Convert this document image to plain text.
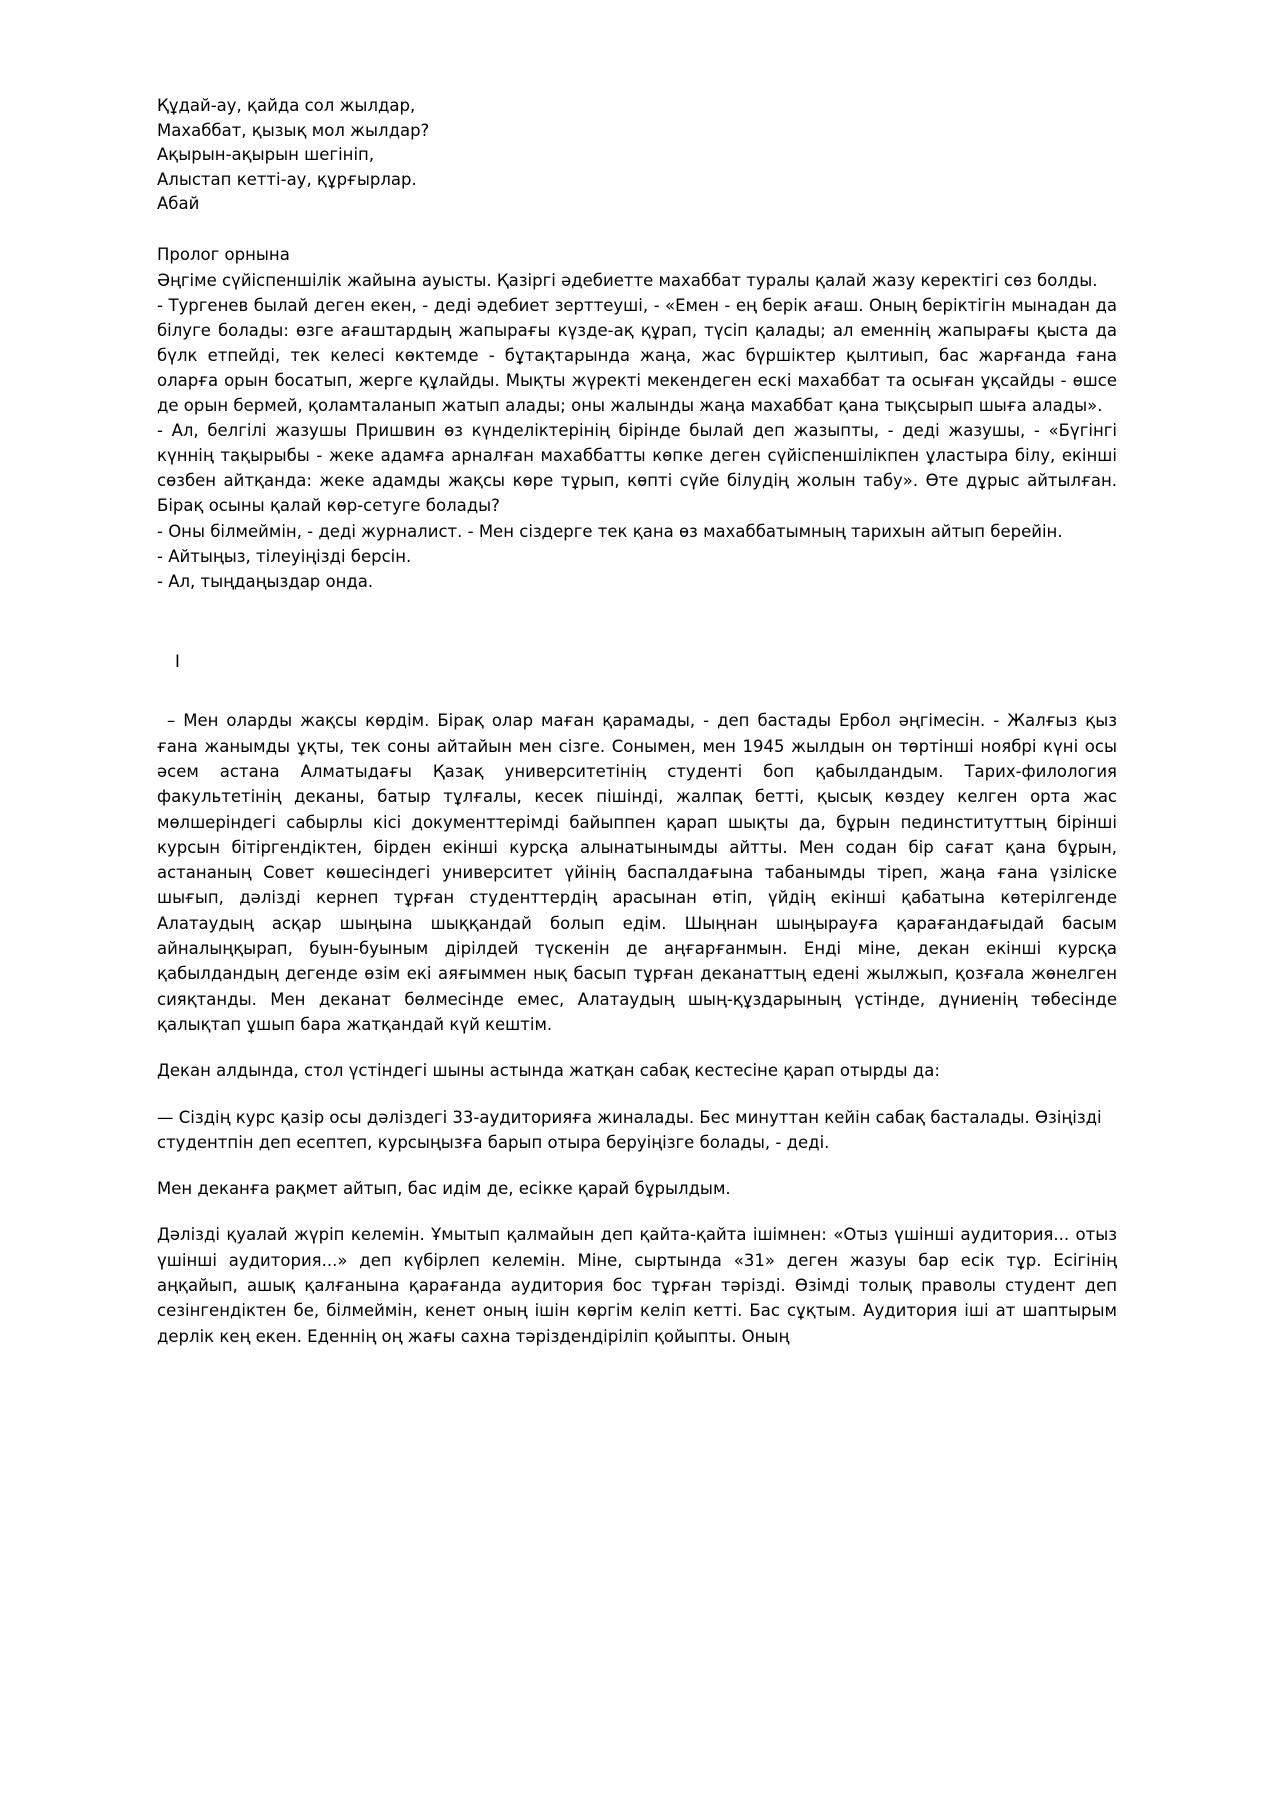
Құдай-ау, қайда сол жылдар,
Махаббат, қызық мол жылдар?
Ақырын-ақырын шегініп,
Алыстап кетті-ау, құрғырлар.
Абай
Пролог орнына

Әңгіме сүйіспеншілік жайына ауысты. Қазіргі әдебиетте махаббат туралы қалай жазу керектігі сөз болды.

- Тургенев былай деген екен, - деді әдебиет зерттеуші, - «Емен - ең берік ағаш. Оның беріктігін мынадан да білуге болады: өзге ағаштардың жапырағы күзде-ақ құрап, түсіп қалады; ал еменнің жапырағы қыста да бүлк етпейді, тек келесі көктемде - бұтақтарында жаңа, жас бүршіктер қылтиып, бас жарғанда ғана оларға орын босатып, жерге құлайды. Мықты жүректі мекендеген ескі махаббат та осыған ұқсайды - өшсе де орын бермей, қоламталанып жатып алады; оны жалынды жаңа махаббат қана тықсырып шыға алады».

- Ал, белгілі жазушы Пришвин өз күнделіктерінің бірінде былай деп жазыпты, - деді жазушы, - «Бүгінгі күннің тақырыбы - жеке адамға арналған махаббатты көпке деген сүйіспеншілікпен ұластыра білу, екінші сөзбен айтқанда: жеке адамды жақсы көре тұрып, көпті сүйе білудің жолын табу». Өте дұрыс айтылған. Бірақ осыны қалай көр-сетуге болады?

- Оны білмеймін, - деді журналист. - Мен сіздерге тек қана өз махаббатымның тарихын айтып берейін.

- Айтыңыз, тілеуіңізді берсін.

- Ал, тыңдаңыздар онда.

I

– Мен оларды жақсы көрдім. Бірақ олар маған қарамады, - деп бастады Ербол әңгімесін. - Жалғыз қыз ғана жанымды ұқты, тек соны айтайын мен сізге. Сонымен, мен 1945 жылдын он төртінші ноябрі күні осы әсем астана Алматыдағы Қазақ университетінің студенті боп қабылдандым. Тарих-филология факультетінің деканы, батыр тұлғалы, кесек пішінді, жалпақ бетті, қысық көздеу келген орта жас мөлшеріндегі сабырлы кісі документтерімді байыппен қарап шықты да, бұрын пединституттың бірінші курсын бітіргендіктен, бірден екінші курсқа алынатынымды айтты. Мен содан бір сағат қана бұрын, астананың Совет көшесіндегі университет үйінің баспалдағына табанымды тіреп, жаңа ғана үзіліске шығып, дәлізді кернеп тұрған студенттердің арасынан өтіп, үйдің екінші қабатына көтерілгенде Алатаудың асқар шыңына шыққандай болып едім. Шыңнан шыңырауға қарағандағыдай басым айналыңқырап, буын-буыным дірілдей түскенін де аңғарғанмын. Енді міне, декан екінші курсқа қабылдандың дегенде өзім екі аяғыммен нық басып тұрған деканаттың едені жылжып, қозғала жөнелген сияқтанды. Мен деканат бөлмесінде емес, Алатаудың шың-құздарының үстінде, дүниенің төбесінде қалықтап ұшып бара жатқандай күй кештім.

Декан алдында, стол үстіндегі шыны астында жатқан сабақ кестесіне қарап отырды да:

— Сіздің курс қазір осы дәліздегі 33-аудиторияға жиналады. Бес минуттан кейін сабақ басталады. Өзіңізді студентпін деп есептеп, курсыңызға барып отыра беруіңізге болады, - деді.

Мен деканға рақмет айтып, бас идім де, есікке қарай бұрылдым.

Дәлізді қуалай жүріп келемін. Ұмытып қалмайын деп қайта-қайта ішімнен: «Отыз үшінші аудитория... отыз үшінші аудитория...» деп күбірлеп келемін. Міне, сыртында «31» деген жазуы бар есік тұр. Есігінің аңқайып, ашық қалғанына қарағанда аудитория бос тұрған тәрізді. Өзімді толық праволы студент деп сезінгендіктен бе, білмеймін, кенет оның ішін көргім келіп кетті. Бас сұқтым. Аудитория іші ат шаптырым дерлік кең екен. Еденнің оң жағы сахна тәріздендіріліп қойыпты. Оның
